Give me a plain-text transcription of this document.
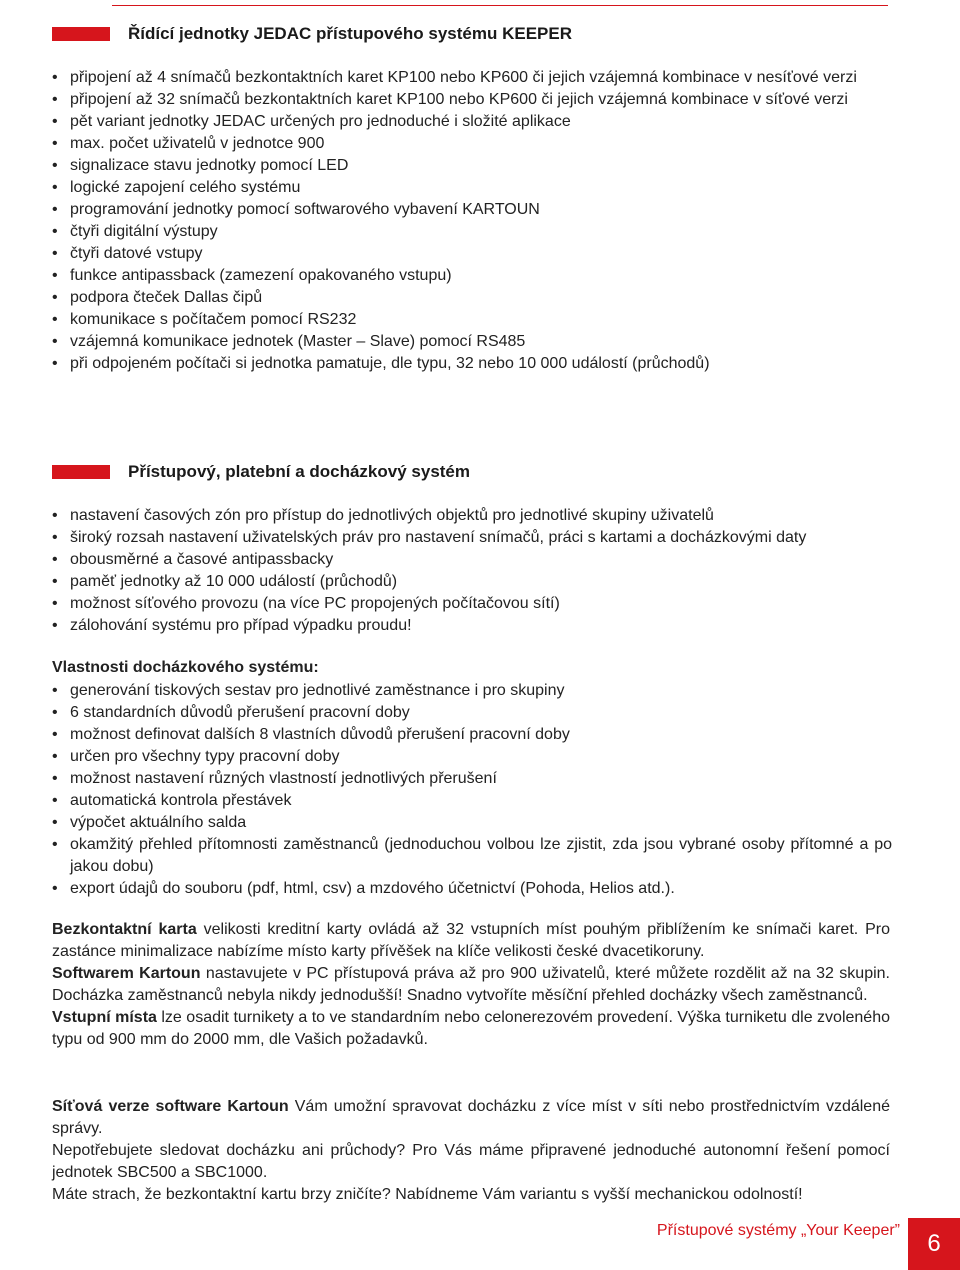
Řídící jednotky JEDAC přístupového systému KEEPER
• připojení až 4 snímačů bezkontaktních karet KP100 nebo KP600 či jejich vzájemná kombinace v nesíťové verzi
• připojení až 32 snímačů bezkontaktních karet KP100 nebo KP600 či jejich vzájemná kombinace v síťové verzi
• pět variant jednotky JEDAC určených pro jednoduché i složité aplikace
• max. počet uživatelů v jednotce 900
• signalizace stavu jednotky pomocí LED
• logické zapojení celého systému
• programování jednotky pomocí softwarového vybavení KARTOUN
• čtyři digitální výstupy
• čtyři datové vstupy
• funkce antipassback (zamezení opakovaného vstupu)
• podpora čteček Dallas čipů
• komunikace s počítačem pomocí RS232
• vzájemná komunikace jednotek (Master – Slave) pomocí RS485
• při odpojeném počítači si jednotka pamatuje, dle typu, 32 nebo 10 000 událostí (průchodů)
Přístupový, platební a docházkový systém
• nastavení časových zón pro přístup do jednotlivých objektů pro jednotlivé skupiny uživatelů
• široký rozsah nastavení uživatelských práv pro nastavení snímačů, práci s kartami a docházkovými daty
• obousměrné a časové antipassbacky
• paměť jednotky až 10 000 událostí (průchodů)
• možnost síťového provozu (na více PC propojených počítačovou sítí)
• zálohování systému pro případ výpadku proudu!
Vlastnosti docházkového systému:
• generování tiskových sestav pro jednotlivé zaměstnance i pro skupiny
• 6 standardních důvodů přerušení pracovní doby
• možnost definovat dalších 8 vlastních důvodů přerušení pracovní doby
• určen pro všechny typy pracovní doby
• možnost nastavení různých vlastností jednotlivých přerušení
• automatická kontrola přestávek
• výpočet aktuálního salda
• okamžitý přehled přítomnosti zaměstnanců (jednoduchou volbou lze zjistit, zda jsou vybrané osoby přítomné a po jakou dobu)
• export údajů do souboru (pdf, html, csv) a mzdového účetnictví (Pohoda, Helios atd.).

Bezkontaktní karta velikosti kreditní karty ovládá až 32 vstupních míst pouhým přiblížením ke snímači karet. Pro zastánce minimalizace nabízíme místo karty přívěšek na klíče velikosti české dvacetikoruny.

Softwarem Kartoun nastavujete v PC přístupová práva až pro 900 uživatelů, které můžete rozdělit až na 32 skupin. Docházka zaměstnanců nebyla nikdy jednodušší! Snadno vytvoříte měsíční přehled docházky všech zaměstnanců.

Vstupní místa lze osadit turnikety a to ve standardním nebo celonerezovém provedení. Výška turniketu dle zvoleného typu od 900 mm do 2000 mm, dle Vašich požadavků.

Síťová verze software Kartoun Vám umožní spravovat docházku z více míst v síti nebo prostřednictvím vzdálené správy.

Nepotřebujete sledovat docházku ani průchody? Pro Vás máme připravené jednoduché autonomní řešení pomocí jednotek SBC500 a SBC1000.

Máte strach, že bezkontaktní kartu brzy zničíte? Nabídneme Vám variantu s vyšší mechanickou odolností!

Přístupové systémy „Your Keeper”	6
